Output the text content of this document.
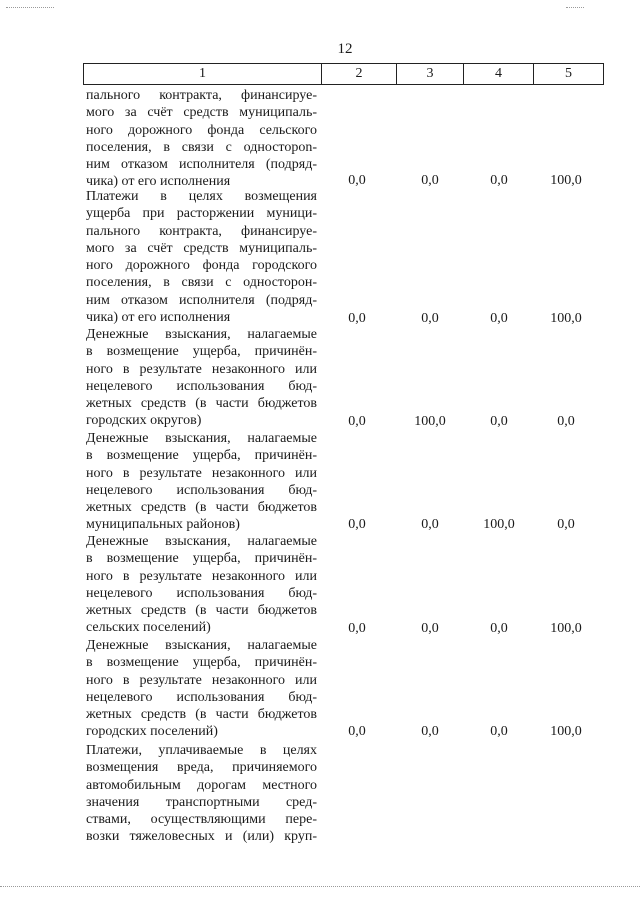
12
1	2	3	4	5
пального контракта, финансируе-
мого за счёт средств муниципаль-
ного дорожного фонда сельского
поселения, в связи с одностороn-
ним отказом исполнителя (подряд-
чика) от его исполнения	0,0	0,0	0,0	100,0
Платежи в целях возмещения
ущерба при расторжении муници-
пального контракта, финансируе-
мого за счёт средств муниципаль-
ного дорожного фонда городского
поселения, в связи с односторон-
ним отказом исполнителя (подряд-
чика) от его исполнения	0,0	0,0	0,0	100,0
Денежные взыскания, налагаемые
в возмещение ущерба, причинён-
ного в результате незаконного или
нецелевого использования бюд-
жетных средств (в части бюджетов
городских округов)	0,0	100,0	0,0	0,0
Денежные взыскания, налагаемые
в возмещение ущерба, причинён-
ного в результате незаконного или
нецелевого использования бюд-
жетных средств (в части бюджетов
муниципальных районов)	0,0	0,0	100,0	0,0
Денежные взыскания, налагаемые
в возмещение ущерба, причинён-
ного в результате незаконного или
нецелевого использования бюд-
жетных средств (в части бюджетов
сельских поселений)	0,0	0,0	0,0	100,0
Денежные взыскания, налагаемые
в возмещение ущерба, причинён-
ного в результате незаконного или
нецелевого использования бюд-
жетных средств (в части бюджетов
городских поселений)	0,0	0,0	0,0	100,0
Платежи, уплачиваемые в целях
возмещения вреда, причиняемого
автомобильным дорогам местного
значения транспортными сред-
ствами, осуществляющими пере-
возки тяжеловесных и (или) круп-
